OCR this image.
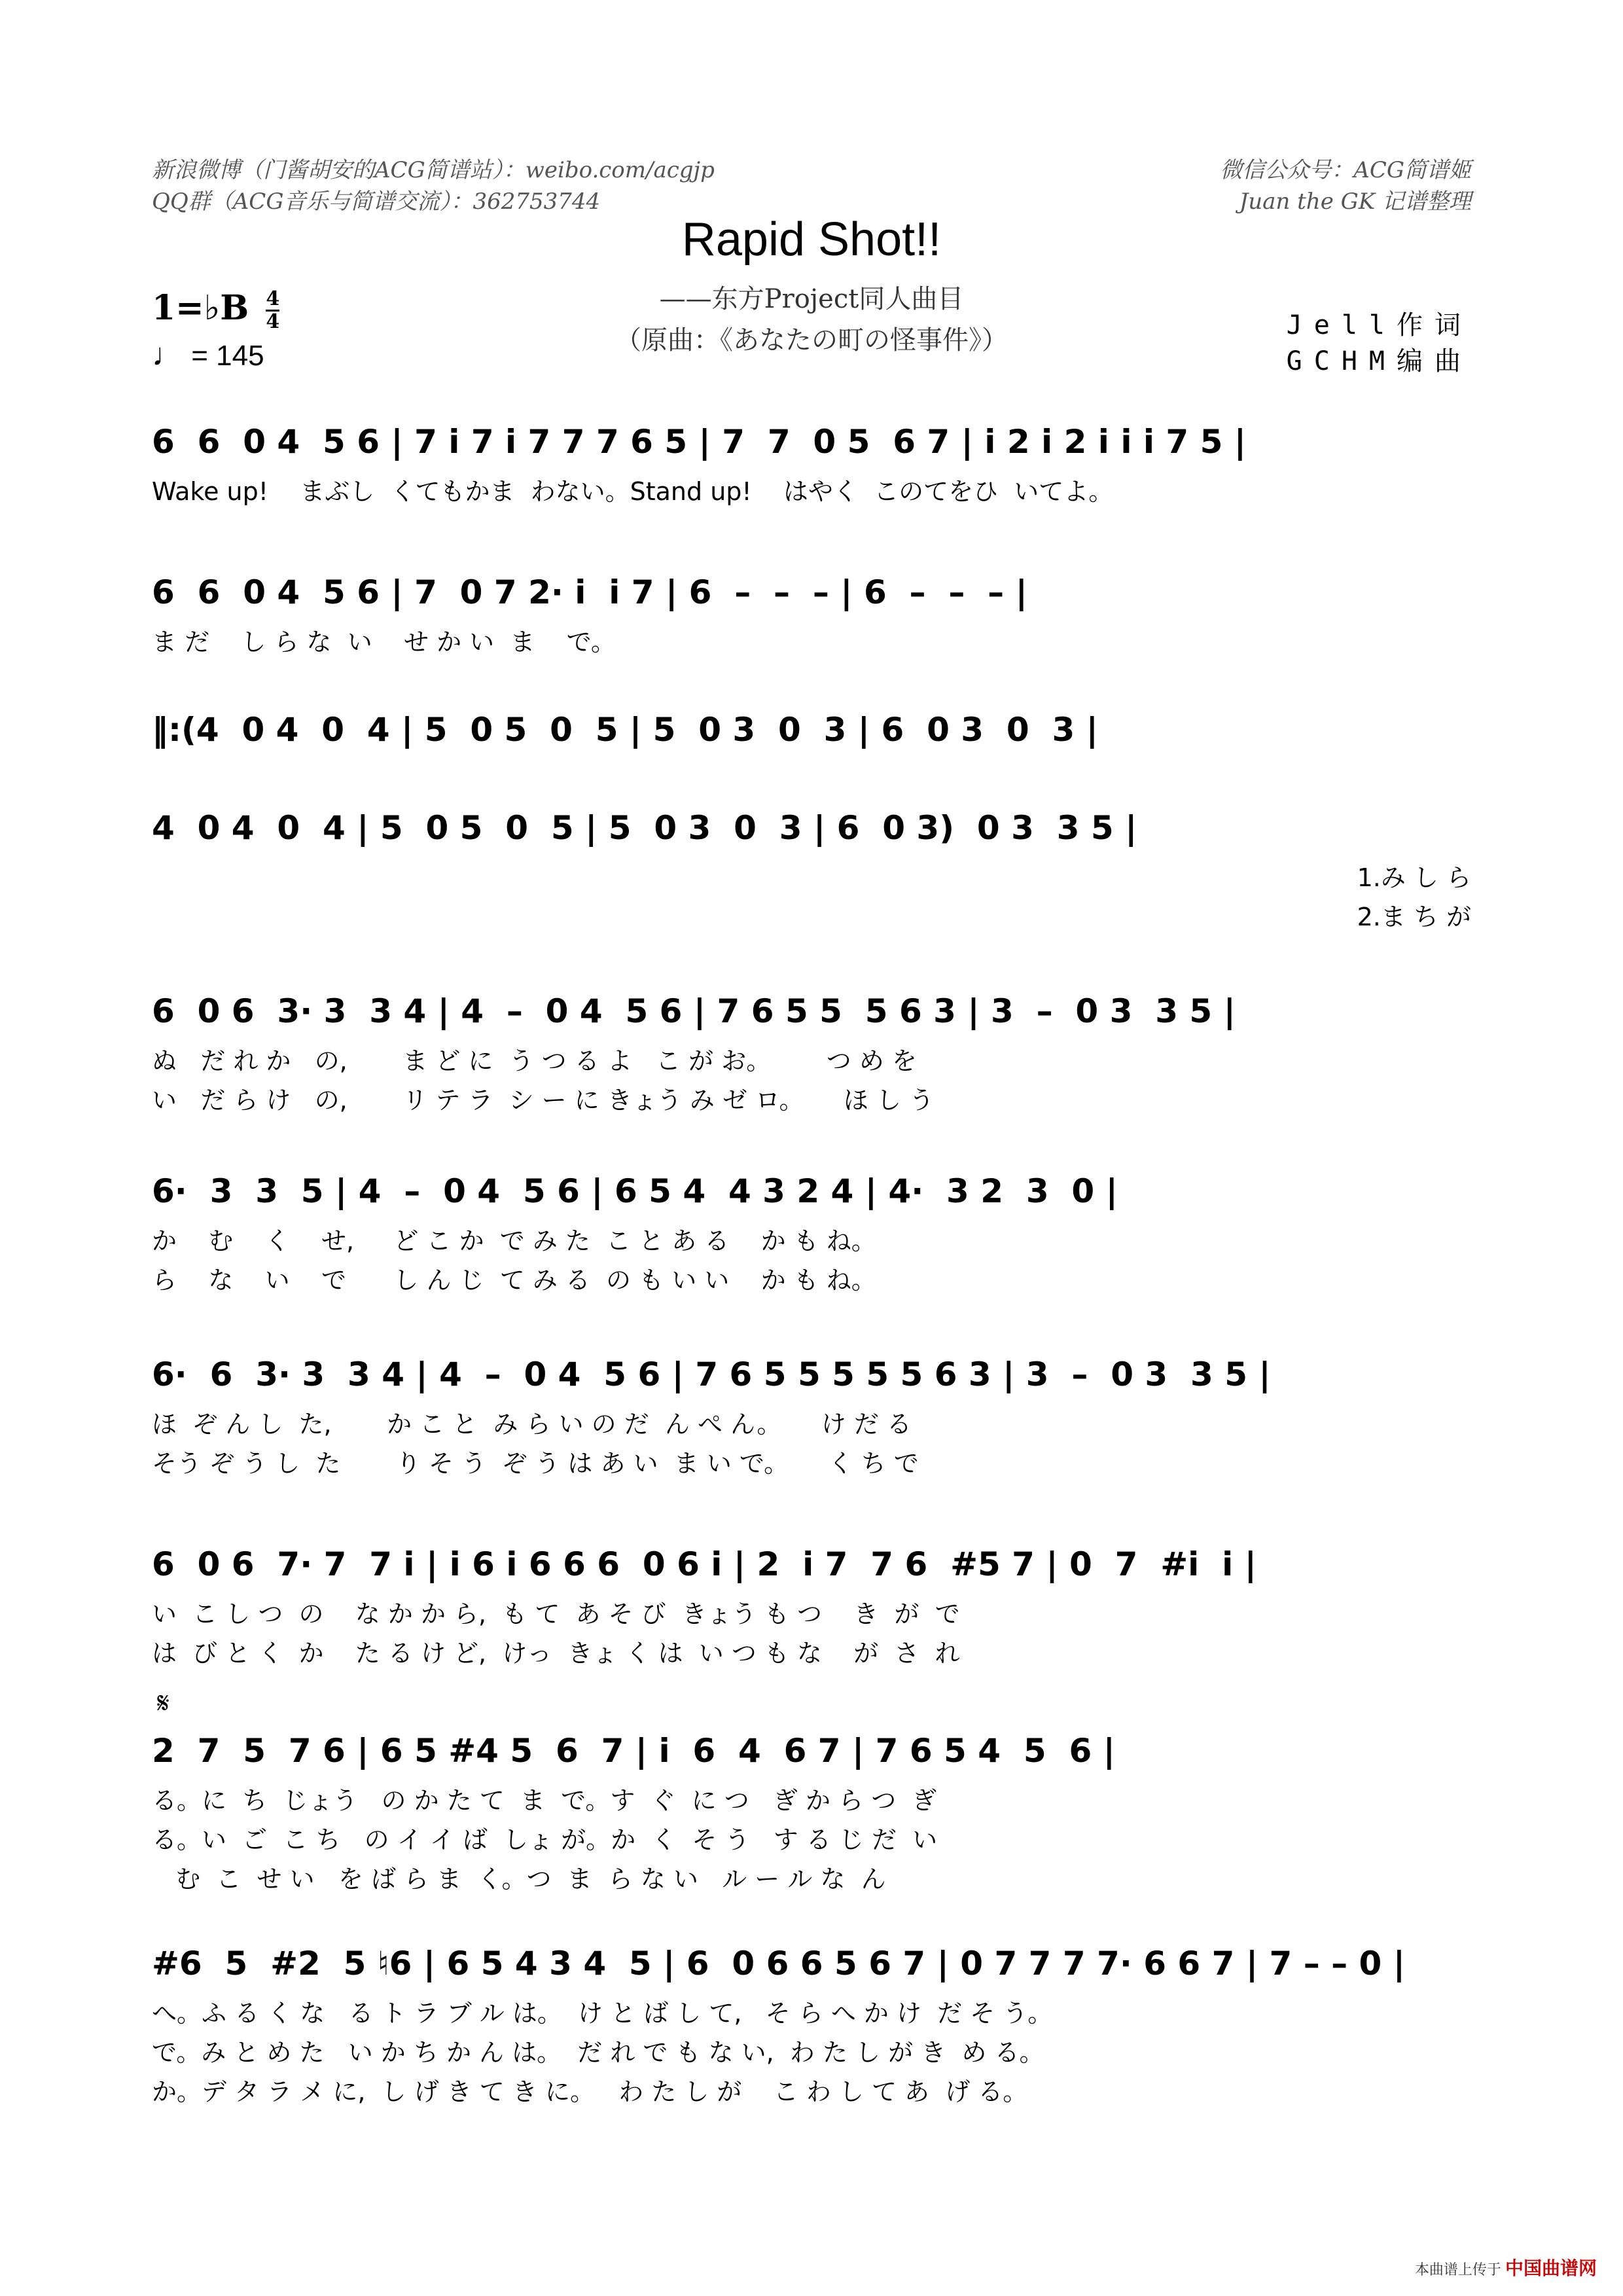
新浪微博（门酱胡安的ACG简谱站）：weibo.com/acgjp
QQ群（ACG音乐与简谱交流）：362753744
微信公众号：ACG简谱姬
Juan the GK 记谱整理
Rapid Shot!!
——东方Project同人曲目
（原曲：《あなたの町の怪事件》）	Jell作词
GCHM编曲
1=♭B $\frac{4}{4}$
♩ = 145
6  6  0 4  5 6 | 7 i 7 i 7 7 7 6 5 | 7  7  0 5  6 7 | i 2 i 2 i i i 7 5 |
Wake up!    まぶし  くてもかま  わない。Stand up!    はやく  このてをひ  いてよ。
6  6  0 4  5 6 | 7  0 7 2· i  i 7 | 6  –  –  – | 6  –  –  – |
ま だ    し ら な  い    せ か い  ま    で。
‖:(4  0 4  0  4 | 5  0 5  0  5 | 5  0 3  0  3 | 6  0 3  0  3 |
4  0 4  0  4 | 5  0 5  0  5 | 5  0 3  0  3 | 6  0 3)  0 3  3 5 |
1.み し ら
2.ま ち が
6  0 6  3· 3  3 4 | 4  –  0 4  5 6 | 7 6 5 5  5 6 3 | 3  –  0 3  3 5 |
ぬ   だ れ か   の,       ま ど に  う つ る よ   こ が お。       つ め を
い   だ ら け   の,       リ テ ラ  シ ー に きょう み ゼ ロ。     ほ し う
6·  3  3  5 | 4  –  0 4  5 6 | 6 5 4  4 3 2 4 | 4·  3 2  3  0 |
か    む    く    せ,     ど こ か  で み た  こ と あ る    か も ね。
ら    な    い    で      し ん じ  て み る  の も い い    か も ね。
6·  6  3· 3  3 4 | 4  –  0 4  5 6 | 7 6 5 5 5 5 5 6 3 | 3  –  0 3  3 5 |
ほ  ぞ ん し  た,       か こ と  み ら い の だ  ん ぺ ん。     け だ る
そう ぞ う し  た       り そ う  ぞ う は あ い  ま い で。     く ち で
6  0 6  7· 7  7 i | i 6 i 6 6 6  0 6 i | 2  i 7  7 6  #5 7 | 0  7  #i  i |
い  こ し つ  の    な か か ら,  も て  あ そ び  きょう も つ    き  が  で
は  び と く  か    た る け ど,  けっ  きょ く は  い つ も な    が  さ  れ
𝄋
2  7  5  7 6 | 6 5 #4 5  6  7 | i  6  4  6 7 | 7 6 5 4  5  6 |
る。に  ち  じょう   の か た て  ま  で。す  ぐ  に つ   ぎ か ら つ  ぎ
る。い  ご  こ ち   の イ イ ば  しょ が。か  く  そ う   す る じ だ  い
む  こ  せ い   を ば ら ま  く。つ  ま  ら な い   ル ー ル な  ん
#6  5  #2  5 ♮6 | 6 5 4 3 4  5 | 6  0 6 6 5 6 7 | 0 7 7 7 7· 6 6 7 | 7 – – 0 |
へ。ふ る く な   る ト ラ ブ ル は。  け と ば し て,   そ ら へ か け  だ そ う。
で。み と め た   い か ち か ん は。  だ れ で も な い,  わ た し が き  め る。
か。デ タ ラ メ に,  し げ き て き に。   わ た し が    こ わ し て あ  げ る。
本曲谱上传于 中国曲谱网
